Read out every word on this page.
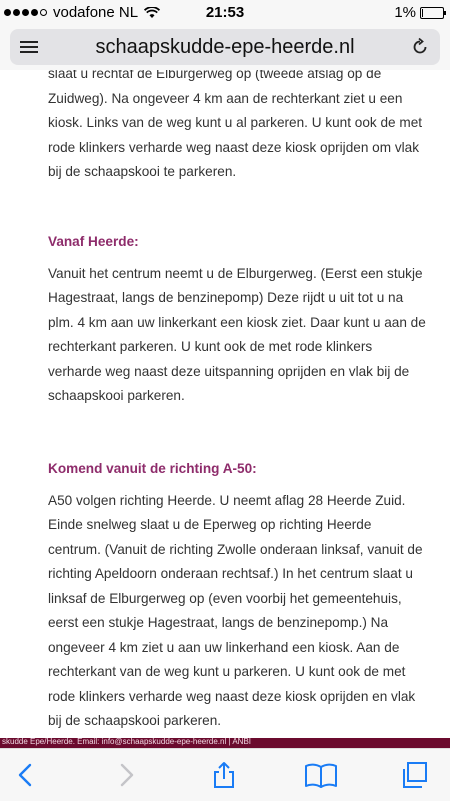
vodafone NL	21:53	1%
schaapskudde-epe-heerde.nl

slaat u rechtaf de Elburgerweg op (tweede afslag op de Zuidweg). Na ongeveer 4 km aan de rechterkant ziet u een kiosk. Links van de weg kunt u al parkeren. U kunt ook de met rode klinkers verharde weg naast deze kiosk oprijden om vlak bij de schaapskooi te parkeren.

Vanaf Heerde:

Vanuit het centrum neemt u de Elburgerweg. (Eerst een stukje Hagestraat, langs de benzinepomp) Deze rijdt u uit tot u na plm. 4 km aan uw linkerkant een kiosk ziet. Daar kunt u aan de rechterkant parkeren. U kunt ook de met rode klinkers verharde weg naast deze uitspanning oprijden en vlak bij de schaapskooi parkeren.

Komend vanuit de richting A-50:

A50 volgen richting Heerde. U neemt aflag 28 Heerde Zuid. Einde snelweg slaat u de Eperweg op richting Heerde centrum. (Vanuit de richting Zwolle onderaan linksaf, vanuit de richting Apeldoorn onderaan rechtsaf.) In het centrum slaat u linksaf de Elburgerweg op (even voorbij het gemeentehuis, eerst een stukje Hagestraat, langs de benzinepomp.) Na ongeveer 4 km ziet u aan uw linkerhand een kiosk. Aan de rechterkant van de weg kunt u parkeren. U kunt ook de met rode klinkers verharde weg naast deze kiosk oprijden en vlak bij de schaapskooi parkeren.

skudde Epe/Heerde. Email: info@schaapskudde-epe-heerde.nl | ANBI
